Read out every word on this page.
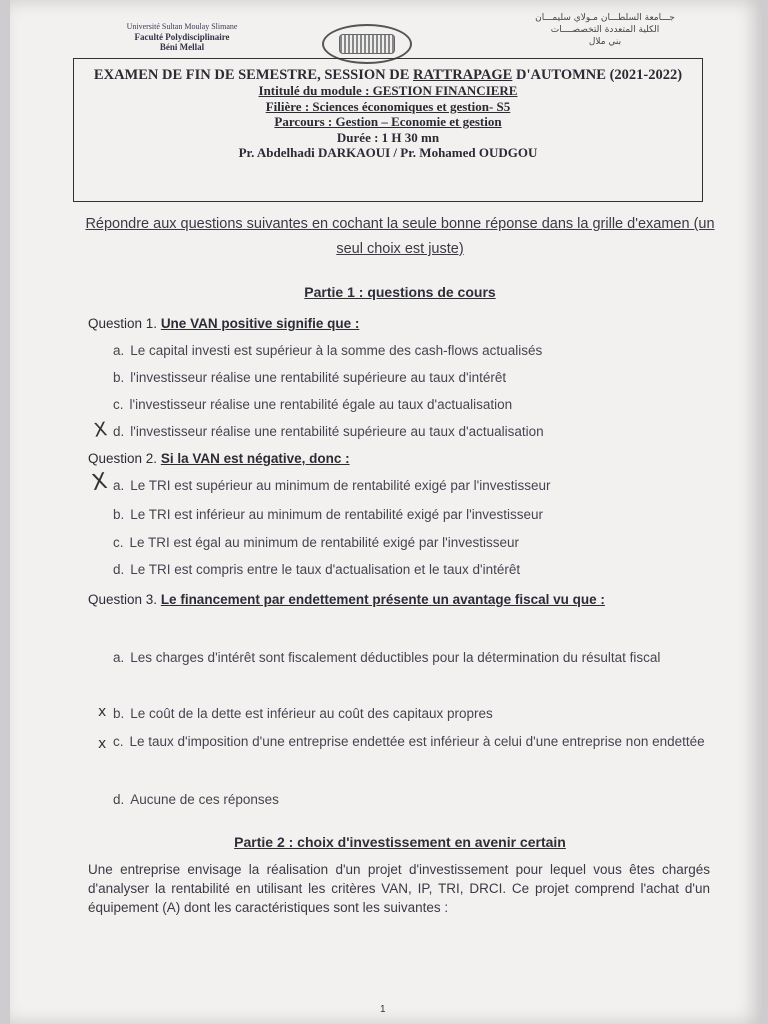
Université Sultan Moulay Slimane
Faculté Polydisciplinaire
Béni Mellal
جـــامعة السلطـــان مـولاي سليمـــان
الكلية المتعددة التخصصــــات
بني ملال
EXAMEN DE FIN DE SEMESTRE, SESSION DE RATTRAPAGE D'AUTOMNE (2021-2022)
Intitulé du module : GESTION FINANCIERE
Filière : Sciences économiques et gestion- S5
Parcours : Gestion – Economie et gestion
Durée : 1 H 30 mn
Pr. Abdelhadi DARKAOUI / Pr. Mohamed OUDGOU
Répondre aux questions suivantes en cochant la seule bonne réponse dans la grille d'examen (un seul choix est juste)
Partie 1 : questions de cours
Question 1. Une VAN positive signifie que :
a. Le capital investi est supérieur à la somme des cash-flows actualisés
b. l'investisseur réalise une rentabilité supérieure au taux d'intérêt
c. l'investisseur réalise une rentabilité égale au taux d'actualisation
d. l'investisseur réalise une rentabilité supérieure au taux d'actualisation
X
Question 2. Si la VAN est négative, donc :
a. Le TRI est supérieur au minimum de rentabilité exigé par l'investisseur
b. Le TRI est inférieur au minimum de rentabilité exigé par l'investisseur
c. Le TRI est égal au minimum de rentabilité exigé par l'investisseur
d. Le TRI est compris entre le taux d'actualisation et le taux d'intérêt
X
Question 3. Le financement par endettement présente un avantage fiscal vu que :
a. Les charges d'intérêt sont fiscalement déductibles pour la détermination du résultat fiscal
b. Le coût de la dette est inférieur au coût des capitaux propres
c. Le taux d'imposition d'une entreprise endettée est inférieur à celui d'une entreprise non endettée
d. Aucune de ces réponses
x
x
Partie 2 : choix d'investissement en avenir certain
Une entreprise envisage la réalisation d'un projet d'investissement pour lequel vous êtes chargés d'analyser la rentabilité en utilisant les critères VAN, IP, TRI, DRCI. Ce projet comprend l'achat d'un équipement (A) dont les caractéristiques sont les suivantes :
1
